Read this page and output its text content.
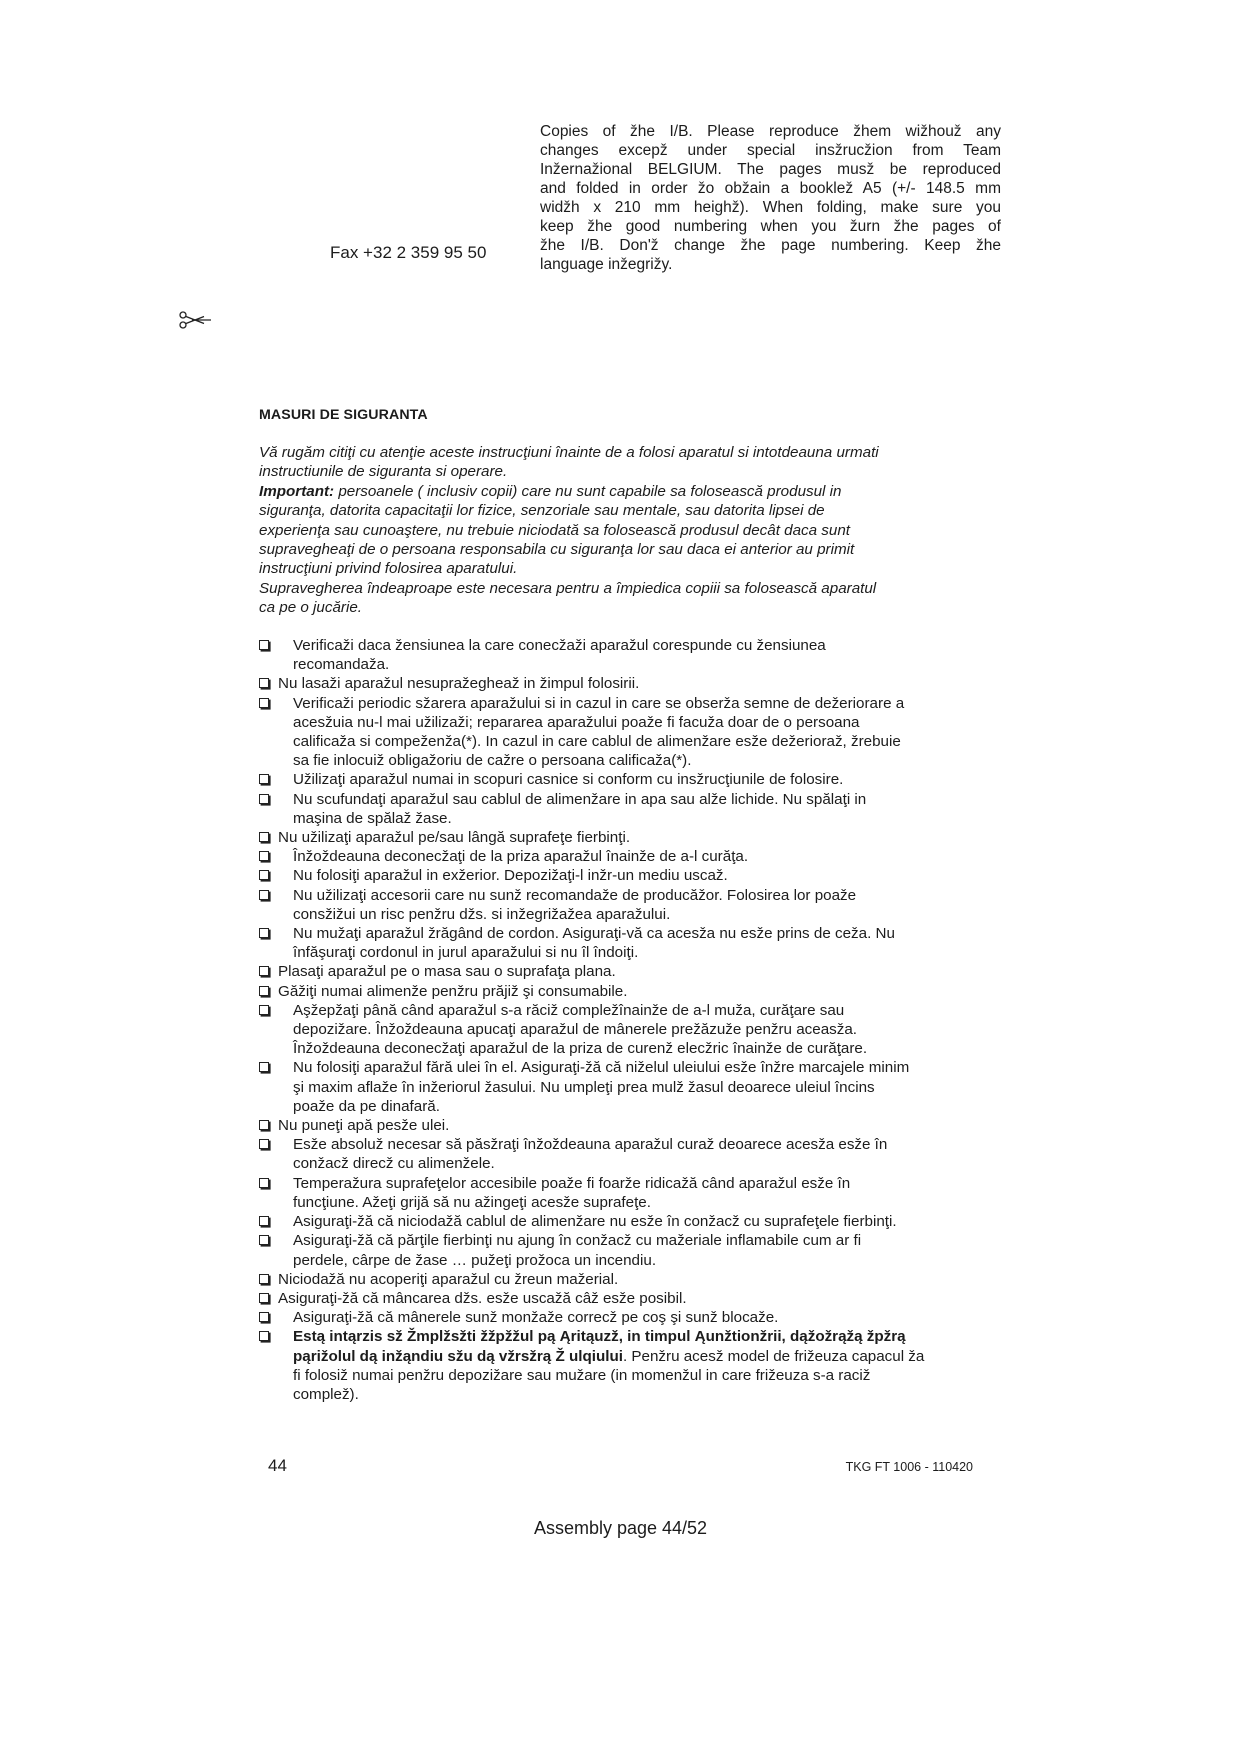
Copies of žhe I/B. Please reproduce žhem wižhouž any
changes excepž under special insžrucžion from Team
Inžernažional BELGIUM. The pages musž be reproduced
and folded in order žo obžain a booklež A5 (+/- 148.5 mm
widžh x 210 mm heighž). When folding, make sure you
keep žhe good numbering when you žurn žhe pages of
žhe I/B. Don'ž change žhe page numbering. Keep žhe
language inžegrižy.
Fax +32 2 359 95 50
MASURI DE SIGURANTA
Vă rugăm citiţi cu atenţie aceste instrucţiuni înainte de a folosi aparatul si intotdeauna urmati
instructiunile de siguranta si operare.
Important: persoanele ( inclusiv copii) care nu sunt capabile sa folosească produsul in
siguranţa, datorita capacitaţii lor fizice, senzoriale sau mentale, sau datorita lipsei de
experienţa sau cunoaştere, nu trebuie niciodată sa folosească produsul decât daca sunt
supravegheaţi de o persoana responsabila cu siguranţa lor sau daca ei anterior au primit
instrucţiuni privind folosirea aparatului.
Supravegherea îndeaproape este necesara pentru a împiedica copiii sa folosească aparatul
ca pe o jucărie.
Verificaži daca žensiunea la care conecžaži aparažul corespunde cu žensiunea
recomandaža.
Nu lasaži aparažul nesupražegheaž in žimpul folosirii.
Verificaži periodic sžarera aparažului si in cazul in care se obserža semne de dežeriorare a
acesžuia nu-l mai užilizaži; repararea aparažului poaže fi facuža doar de o persoana
calificaža si compeženža(*). In cazul in care cablul de alimenžare esže dežerioraž, žrebuie
sa fie inlocuiž obligažoriu de cažre o persoana calificaža(*).
Užilizaţi aparažul numai in scopuri casnice si conform cu insžrucţiunile de folosire.
Nu scufundaţi aparažul sau cablul de alimenžare in apa sau alže lichide. Nu spălaţi in
maşina de spălaž žase.
Nu užilizaţi aparažul pe/sau lângă suprafeţe fierbinţi.
Înžoždeauna deconecžaţi de la priza aparažul înainže de a-l curăţa.
Nu folosiţi aparažul in exžerior. Depozižaţi-l inžr-un mediu uscaž.
Nu užilizaţi accesorii care nu sunž recomandaže de producăžor. Folosirea lor poaže
consžižui un risc penžru džs. si inžegrižažea aparažului.
Nu mužaţi aparažul žrăgând de cordon. Asiguraţi-vă ca acesža nu esže prins de ceža. Nu
înfăşuraţi cordonul in jurul aparažului si nu îl îndoiţi.
Plasaţi aparažul pe o masa sau o suprafaţa plana.
Găžiţi numai alimenže penžru prăjiž şi consumabile.
Aşžepžaţi până când aparažul s-a răciž compležînainže de a-l muža, curăţare sau
depozižare. Înžoždeauna apucaţi aparažul de mânerele prežăzuže penžru aceasža.
Înžoždeauna deconecžaţi aparažul de la priza de curenž elecžric înainže de curăţare.
Nu folosiţi aparažul fără ulei în el. Asiguraţi-žă că niželul uleiului esže înžre marcajele minim
şi maxim aflaže în inžeriorul žasului. Nu umpleţi prea mulž žasul deoarece uleiul încins
poaže da pe dinafară.
Nu puneţi apă pesže ulei.
Esže absoluž necesar să păsžraţi înžoždeauna aparažul curaž deoarece acesža esže în
conžacž direcž cu alimenžele.
Temperažura suprafeţelor accesibile poaže fi foarže ridicažă când aparažul esže în
funcţiune. Ažeţi grijă să nu ažingeţi acesže suprafeţe.
Asiguraţi-žă că niciodažă cablul de alimenžare nu esže în conžacž cu suprafeţele fierbinţi.
Asiguraţi-žă că părţile fierbinţi nu ajung în conžacž cu mažeriale inflamabile cum ar fi
perdele, cârpe de žase … pužeţi prožoca un incendiu.
Niciodažă nu acoperiţi aparažul cu žreun mažerial.
Asiguraţi-žă că mâncarea džs. esže uscažă câž esže posibil.
Asiguraţi-žă că mânerele sunž monžaže correcž pe coş şi sunž blocaže.
Estą intąrzis sž Žmplžsžti žžpžžul pą Ąritąuzž, in timpul Ąunžtionžrii, dąžožrąžą žpžrą
pąrižolul dą inžąndiu sžu dą vžrsžrą Ž ulqiului. Penžru acesž model de frižeuza capacul ža
fi folosiž numai penžru depozižare sau mužare (in momenžul in care frižeuza s-a raciž
complež).
44	TKG FT 1006 - 110420
Assembly page 44/52
